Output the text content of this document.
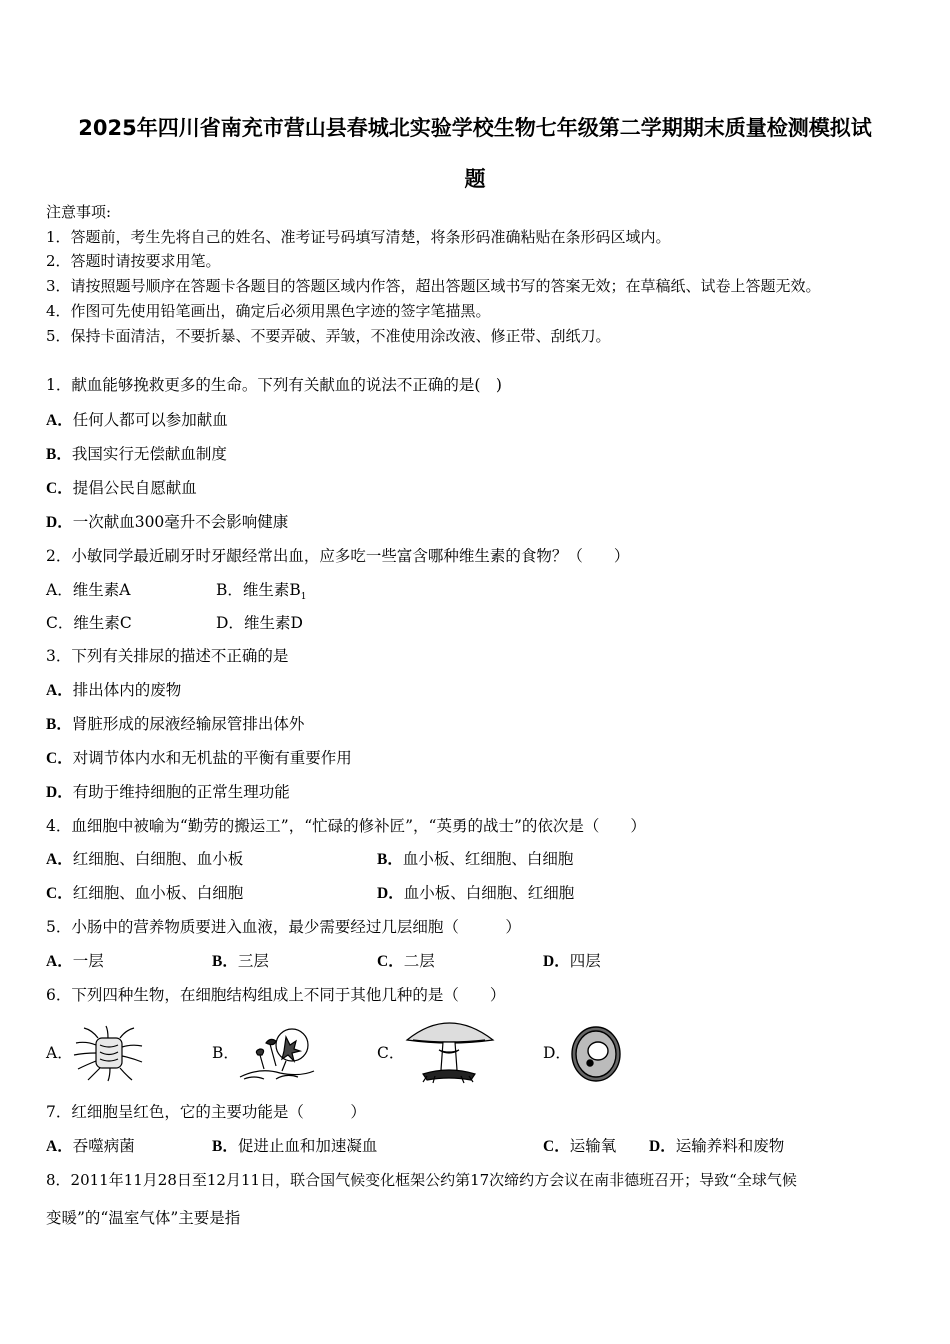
2025年四川省南充市营山县春城北实验学校生物七年级第二学期期末质量检测模拟试
题
注意事项:
1．答题前，考生先将自己的姓名、准考证号码填写清楚，将条形码准确粘贴在条形码区域内。
2．答题时请按要求用笔。
3．请按照题号顺序在答题卡各题目的答题区域内作答，超出答题区域书写的答案无效；在草稿纸、试卷上答题无效。
4．作图可先使用铅笔画出，确定后必须用黑色字迹的签字笔描黑。
5．保持卡面清洁，不要折暴、不要弄破、弄皱，不准使用涂改液、修正带、刮纸刀。
1．献血能够挽救更多的生命。下列有关献血的说法不正确的是(　)
A．任何人都可以参加献血
B．我国实行无偿献血制度
C．提倡公民自愿献血
D．一次献血300毫升不会影响健康
2．小敏同学最近刷牙时牙龈经常出血，应多吃一些富含哪种维生素的食物？（　　）
A．维生素A	B．维生素$B_1$
C．维生素C	D．维生素D
3．下列有关排尿的描述不正确的是
A．排出体内的废物
B．肾脏形成的尿液经输尿管排出体外
C．对调节体内水和无机盐的平衡有重要作用
D．有助于维持细胞的正常生理功能
4．血细胞中被喻为“勤劳的搬运工”，“忙碌的修补匠”，“英勇的战士”的依次是（　　）
A．红细胞、白细胞、血小板	B．血小板、红细胞、白细胞
C．红细胞、血小板、白细胞	D．血小板、白细胞、红细胞
5．小肠中的营养物质要进入血液，最少需要经过几层细胞（　　　）
A．一层	B．三层	C．二层	D．四层
6．下列四种生物，在细胞结构组成上不同于其他几种的是（　　）
A．	B．	C．	D．
7．红细胞呈红色，它的主要功能是（　　　）
A．吞噬病菌	B．促进止血和加速凝血	C．运输氧 D．运输养料和废物
8．2011年11月28日至12月11日，联合国气候变化框架公约第17次缔约方会议在南非德班召开；导致“全球气候
变暖”的“温室气体”主要是指
